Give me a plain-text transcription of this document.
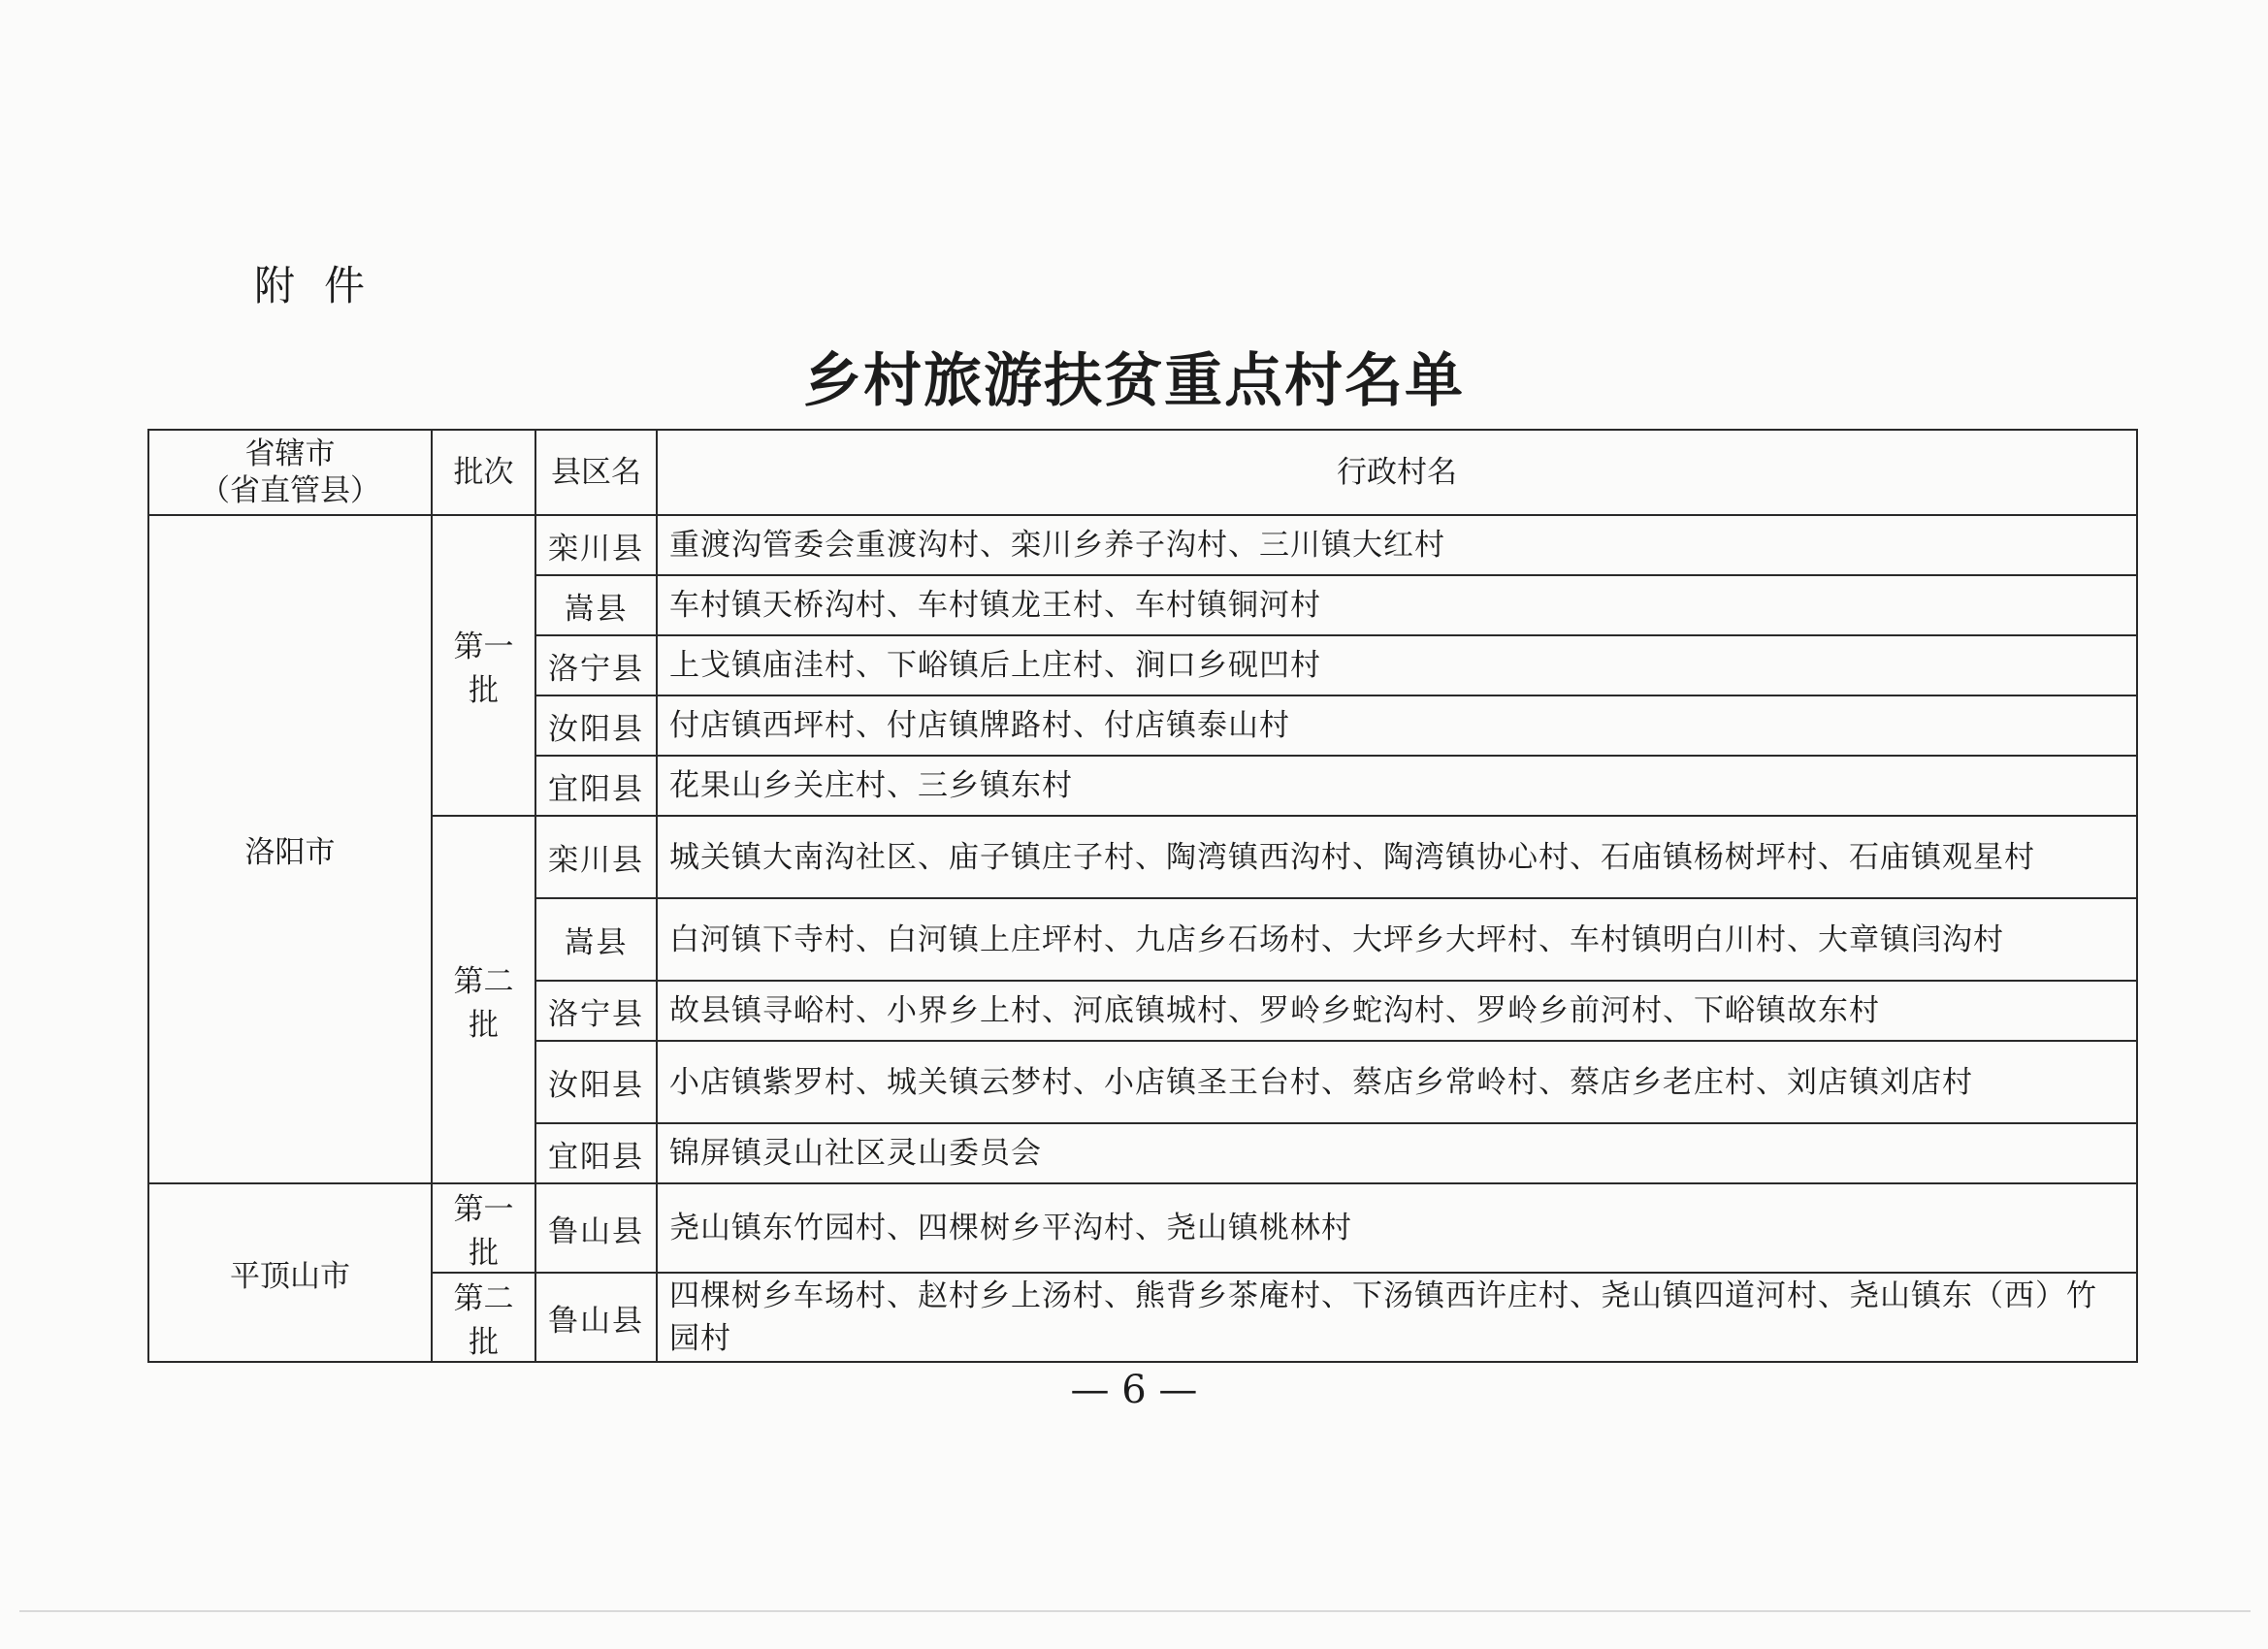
附件
乡村旅游扶贫重点村名单
省辖市
（省直管县）	批次	县区名	行政村名
洛阳市	第一批	栾川县	重渡沟管委会重渡沟村、栾川乡养子沟村、三川镇大红村
		嵩县	车村镇天桥沟村、车村镇龙王村、车村镇铜河村
		洛宁县	上戈镇庙洼村、下峪镇后上庄村、涧口乡砚凹村
		汝阳县	付店镇西坪村、付店镇牌路村、付店镇泰山村
		宜阳县	花果山乡关庄村、三乡镇东村
	第二批	栾川县	城关镇大南沟社区、庙子镇庄子村、陶湾镇西沟村、陶湾镇协心村、石庙镇杨树坪村、石庙镇观星村
		嵩县	白河镇下寺村、白河镇上庄坪村、九店乡石场村、大坪乡大坪村、车村镇明白川村、大章镇闫沟村
		洛宁县	故县镇寻峪村、小界乡上村、河底镇城村、罗岭乡蛇沟村、罗岭乡前河村、下峪镇故东村
		汝阳县	小店镇紫罗村、城关镇云梦村、小店镇圣王台村、蔡店乡常岭村、蔡店乡老庄村、刘店镇刘店村
		宜阳县	锦屏镇灵山社区灵山委员会
平顶山市	第一批	鲁山县	尧山镇东竹园村、四棵树乡平沟村、尧山镇桃林村
	第二批	鲁山县	四棵树乡车场村、赵村乡上汤村、熊背乡茶庵村、下汤镇西许庄村、尧山镇四道河村、尧山镇东（西）竹园村
— 6 —
